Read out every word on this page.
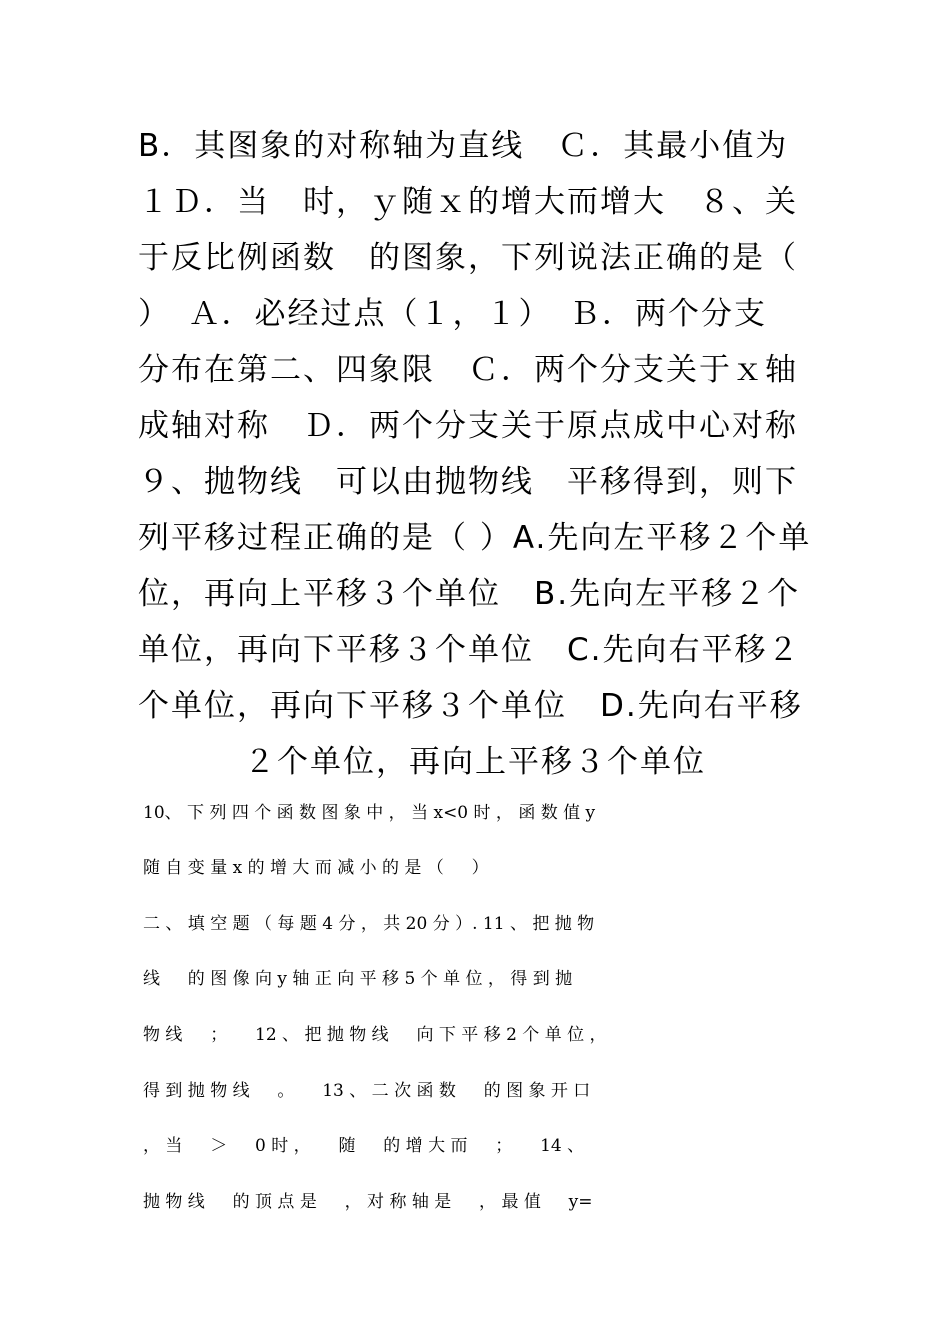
B．其图象的对称轴为直线　Ｃ．其最小值为
１Ｄ．当　时，ｙ随ｘ的增大而增大　８、关
于反比例函数　的图象，下列说法正确的是（
）　Ａ．必经过点（１，１）　Ｂ．两个分支
分布在第二、四象限　Ｃ．两个分支关于ｘ轴
成轴对称　Ｄ．两个分支关于原点成中心对称
９、抛物线　可以由抛物线　平移得到，则下
列平移过程正确的是（ ）A.先向左平移２个单
位，再向上平移３个单位　B.先向左平移２个
单位，再向下平移３个单位　C.先向右平移２
个单位，再向下平移３个单位　D.先向右平移
２个单位，再向上平移３个单位
10、 下 列 四 个 函 数 图 象 中 ， 当 x<0 时 ， 函 数 值 y
随 自 变 量 x 的 增 大 而 减 小 的 是 （ 　 ）
二 、 填 空 题 （ 每 题 4 分 ， 共 20 分 ）. 11 、 把 抛 物
线 　 的 图 像 向 y 轴 正 向 平 移 5 个 单 位 ， 得 到 抛
物 线 　 ； 　 12 、 把 抛 物 线 　 向 下 平 移 2 个 单 位 ，
得 到 抛 物 线 　 。 　 13 、 二 次 函 数 　 的 图 象 开 口
， 当 　 ＞ 　 0 时 ， 　 随 　 的 增 大 而 　 ； 　 14 、
抛 物 线 　 的 顶 点 是 　 ， 对 称 轴 是 　 ， 最 值 　 y=
